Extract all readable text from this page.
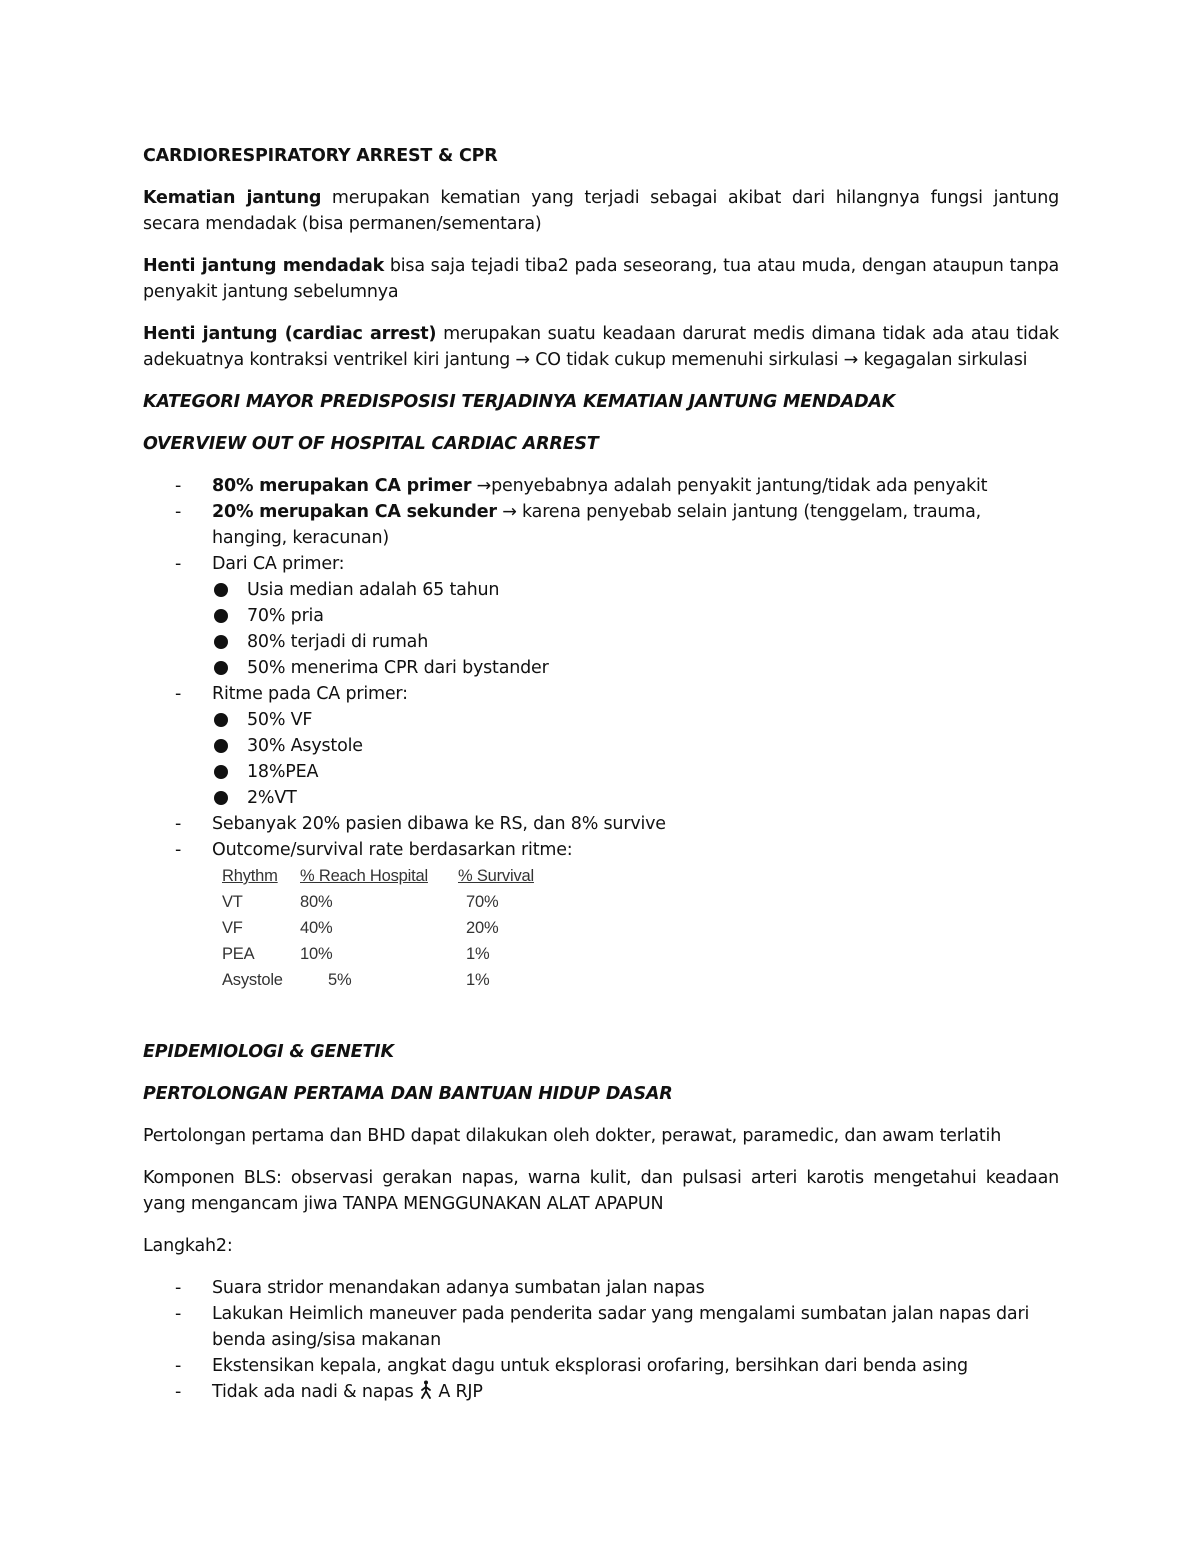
CARDIORESPIRATORY ARREST & CPR

Kematian jantung merupakan kematian yang terjadi sebagai akibat dari hilangnya fungsi jantung secara mendadak (bisa permanen/sementara)

Henti jantung mendadak bisa saja tejadi tiba2 pada seseorang, tua atau muda, dengan ataupun tanpa penyakit jantung sebelumnya

Henti jantung (cardiac arrest) merupakan suatu keadaan darurat medis dimana tidak ada atau tidak adekuatnya kontraksi ventrikel kiri jantung → CO tidak cukup memenuhi sirkulasi → kegagalan sirkulasi

KATEGORI MAYOR PREDISPOSISI TERJADINYA KEMATIAN JANTUNG MENDADAK

OVERVIEW OUT OF HOSPITAL CARDIAC ARREST

- 80% merupakan CA primer →penyebabnya adalah penyakit jantung/tidak ada penyakit
- 20% merupakan CA sekunder → karena penyebab selain jantung (tenggelam, trauma, hanging, keracunan)
- Dari CA primer:
Usia median adalah 65 tahun
70% pria
80% terjadi di rumah
50% menerima CPR dari bystander
- Ritme pada CA primer:
50% VF
30% Asystole
18%PEA
2%VT
- Sebanyak 20% pasien dibawa ke RS, dan 8% survive
- Outcome/survival rate berdasarkan ritme:
Rhythm	% Reach Hospital	% Survival
VT	80%	70%
VF	40%	20%
PEA	10%	1%
Asystole	5%	1%

EPIDEMIOLOGI & GENETIK

PERTOLONGAN PERTAMA DAN BANTUAN HIDUP DASAR

Pertolongan pertama dan BHD dapat dilakukan oleh dokter, perawat, paramedic, dan awam terlatih

Komponen BLS: observasi gerakan napas, warna kulit, dan pulsasi arteri karotis mengetahui keadaan yang mengancam jiwa TANPA MENGGUNAKAN ALAT APAPUN

Langkah2:

- Suara stridor menandakan adanya sumbatan jalan napas
- Lakukan Heimlich maneuver pada penderita sadar yang mengalami sumbatan jalan napas dari benda asing/sisa makanan
- Ekstensikan kepala, angkat dagu untuk eksplorasi orofaring, bersihkan dari benda asing
- Tidak ada nadi & napas  A RJP
